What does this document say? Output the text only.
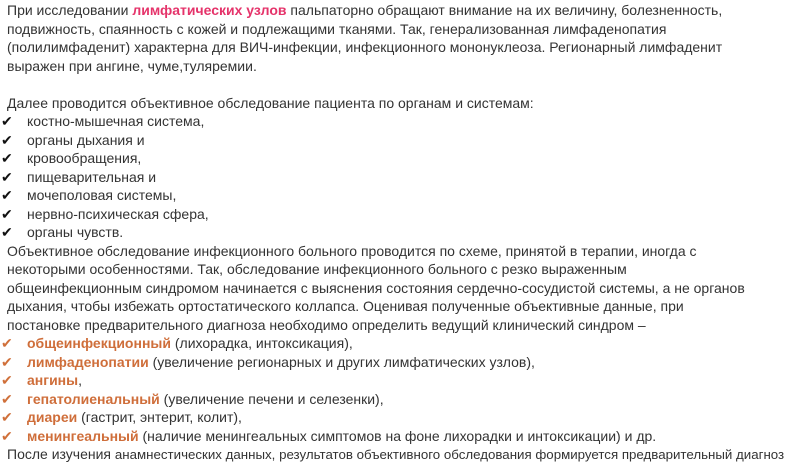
При исследовании лимфатических узлов пальпаторно обращают внимание на их величину, болезненность,

подвижность, спаянность с кожей и подлежащими тканями. Так, генерализованная лимфаденопатия

(полилимфаденит) характерна для ВИЧ-инфекции, инфекционного мононуклеоза. Регионарный лимфаденит

выражен при ангине, чуме,туляремии.

Далее проводится объективное обследование пациента по органам и системам:

✔ костно-мышечная система,
✔ органы дыхания и
✔ кровообращения,
✔ пищеварительная и
✔ мочеполовая системы,
✔ нервно-психическая сфера,
✔ органы чувств.

Объективное обследование инфекционного больного проводится по схеме, принятой в терапии, иногда с

некоторыми особенностями. Так, обследование инфекционного больного с резко выраженным

общеинфекционным синдромом начинается с выяснения состояния сердечно-сосудистой системы, а не органов

дыхания, чтобы избежать ортостатического коллапса. Оценивая полученные объективные данные, при

постановке предварительного диагноза необходимо определить ведущий клинический синдром –

✔ общеинфекционный (лихорадка, интоксикация),
✔ лимфаденопатии (увеличение регионарных и других лимфатических узлов),
✔ ангины,
✔ гепатолиенальный (увеличение печени и селезенки),
✔ диареи (гастрит, энтерит, колит),
✔ менингеальный (наличие менингеальных симптомов на фоне лихорадки и интоксикации) и др.

После изучения анамнестических данных, результатов объективного обследования формируется предварительный диагноз
